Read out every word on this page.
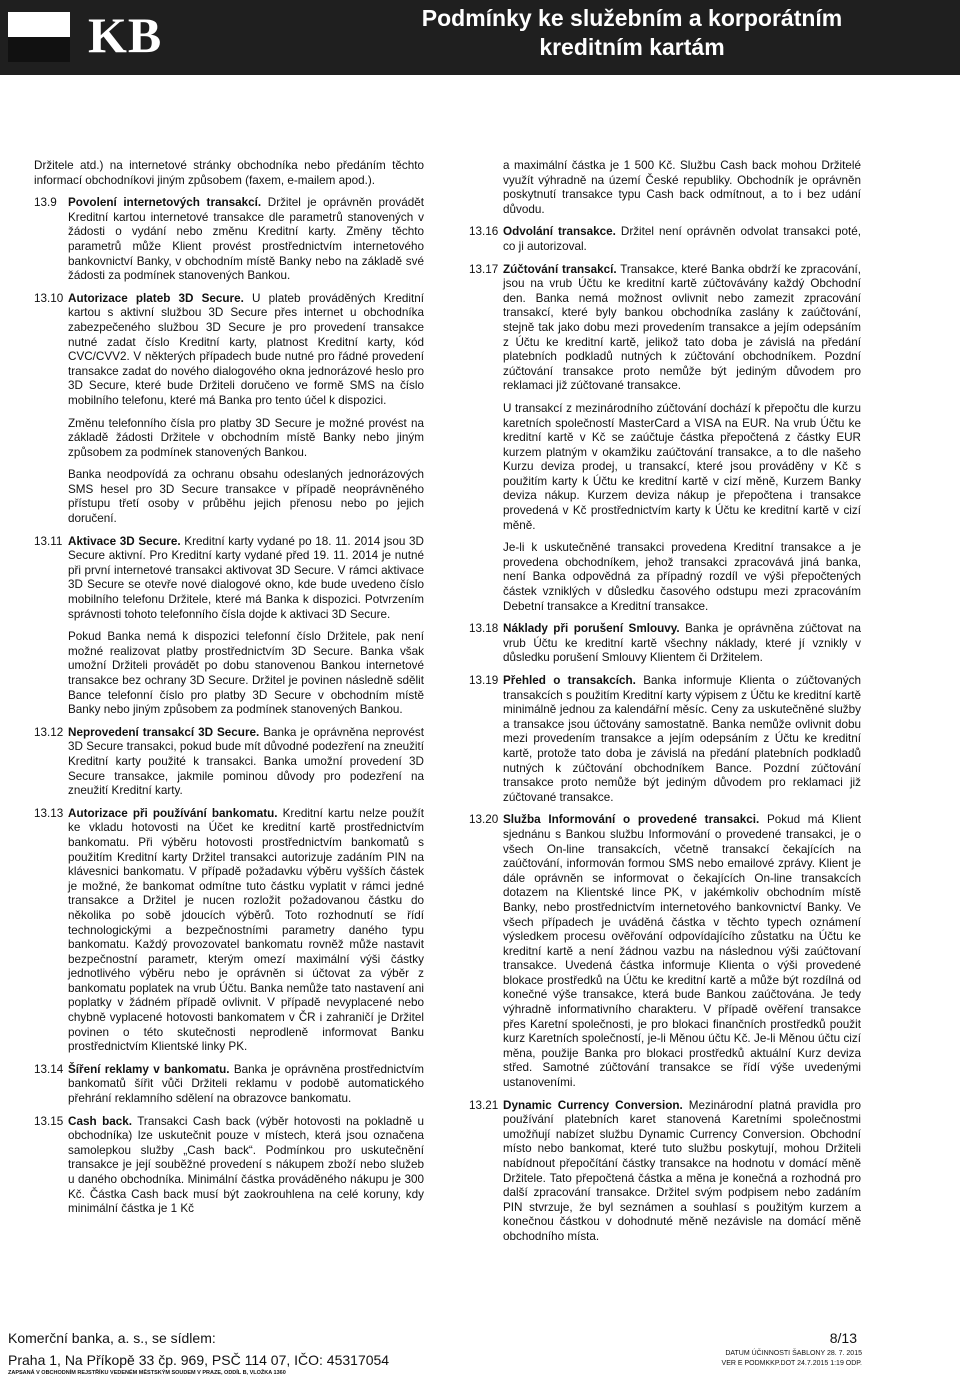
KB	Podmínky ke služebním a korporátním kreditním kartám

Držitele atd.) na internetové stránky obchodníka nebo předáním těchto informací obchodníkovi jiným způsobem (faxem, e-mailem apod.).

13.9 Povolení internetových transakcí. Držitel je oprávněn provádět Kreditní kartou internetové transakce dle parametrů stanovených v žádosti o vydání nebo změnu Kreditní karty. Změny těchto parametrů může Klient provést prostřednictvím internetového bankovnictví Banky, v obchodním místě Banky nebo na základě své žádosti za podmínek stanovených Bankou.
13.10 Autorizace plateb 3D Secure. U plateb prováděných Kreditní kartou s aktivní službou 3D Secure přes internet u obchodníka zabezpečeného službou 3D Secure je pro provedení transakce nutné zadat číslo Kreditní karty, platnost Kreditní karty, kód CVC/CVV2. V některých případech bude nutné pro řádné provedení transakce zadat do nového dialogového okna jednorázové heslo pro 3D Secure, které bude Držiteli doručeno ve formě SMS na číslo mobilního telefonu, které má Banka pro tento účel k dispozici.

Změnu telefonního čísla pro platby 3D Secure je možné provést na základě žádosti Držitele v obchodním místě Banky nebo jiným způsobem za podmínek stanovených Bankou.

Banka neodpovídá za ochranu obsahu odeslaných jednorázových SMS hesel pro 3D Secure transakce v případě neoprávněného přístupu třetí osoby v průběhu jejich přenosu nebo po jejich doručení.

13.11 Aktivace 3D Secure. Kreditní karty vydané po 18. 11. 2014 jsou 3D Secure aktivní. Pro Kreditní karty vydané před 19. 11. 2014 je nutné při první internetové transakci aktivovat 3D Secure. V rámci aktivace 3D Secure se otevře nové dialogové okno, kde bude uvedeno číslo mobilního telefonu Držitele, které má Banka k dispozici. Potvrzením správnosti tohoto telefonního čísla dojde k aktivaci 3D Secure.

Pokud Banka nemá k dispozici telefonní číslo Držitele, pak není možné realizovat platby prostřednictvím 3D Secure. Banka však umožní Držiteli provádět po dobu stanovenou Bankou internetové transakce bez ochrany 3D Secure. Držitel je povinen následně sdělit Bance telefonní číslo pro platby 3D Secure v obchodním místě Banky nebo jiným způsobem za podmínek stanovených Bankou.

13.12 Neprovedení transakcí 3D Secure. Banka je oprávněna neprovést 3D Secure transakci, pokud bude mít důvodné podezření na zneužití Kreditní karty použité k transakci. Banka umožní provedení 3D Secure transakce, jakmile pominou důvody pro podezření na zneužití Kreditní karty.
13.13 Autorizace při používání bankomatu. Kreditní kartu nelze použít ke vkladu hotovosti na Účet ke kreditní kartě prostřednictvím bankomatu. Při výběru hotovosti prostřednictvím bankomatů s použitím Kreditní karty Držitel transakci autorizuje zadáním PIN na klávesnici bankomatu. V případě požadavku výběru vyšších částek je možné, že bankomat odmítne tuto částku vyplatit v rámci jedné transakce a Držitel je nucen rozložit požadovanou částku do několika po sobě jdoucích výběrů. Toto rozhodnutí se řídí technologickými a bezpečnostními parametry daného typu bankomatu. Každý provozovatel bankomatu rovněž může nastavit bezpečnostní parametr, kterým omezí maximální výši částky jednotlivého výběru nebo je oprávněn si účtovat za výběr z bankomatu poplatek na vrub Účtu. Banka nemůže tato nastavení ani poplatky v žádném případě ovlivnit. V případě nevyplacené nebo chybně vyplacené hotovosti bankomatem v ČR i zahraničí je Držitel povinen o této skutečnosti neprodleně informovat Banku prostřednictvím Klientské linky PK.
13.14 Šíření reklamy v bankomatu. Banka je oprávněna prostřednictvím bankomatů šířit vůči Držiteli reklamu v podobě automatického přehrání reklamního sdělení na obrazovce bankomatu.
13.15 Cash back. Transakci Cash back (výběr hotovosti na pokladně u obchodníka) lze uskutečnit pouze v místech, která jsou označena samolepkou služby „Cash back“. Podmínkou pro uskutečnění transakce je její souběžné provedení s nákupem zboží nebo služeb u daného obchodníka. Minimální částka prováděného nákupu je 300 Kč. Částka Cash back musí být zaokrouhlena na celé koruny, kdy minimální částka je 1 Kč

a maximální částka je 1 500 Kč. Službu Cash back mohou Držitelé využít výhradně na území České republiky. Obchodník je oprávněn poskytnutí transakce typu Cash back odmítnout, a to i bez udání důvodu.

13.16 Odvolání transakce. Držitel není oprávněn odvolat transakci poté, co ji autorizoval.
13.17 Zúčtování transakcí. Transakce, které Banka obdrží ke zpracování, jsou na vrub Účtu ke kreditní kartě zúčtovávány každý Obchodní den. Banka nemá možnost ovlivnit nebo zamezit zpracování transakcí, které byly bankou obchodníka zaslány k zaúčtování, stejně tak jako dobu mezi provedením transakce a jejím odepsáním z Účtu ke kreditní kartě, jelikož tato doba je závislá na předání platebních podkladů nutných k zúčtování obchodníkem. Pozdní zúčtování transakce proto nemůže být jediným důvodem pro reklamaci již zúčtované transakce.

U transakcí z mezinárodního zúčtování dochází k přepočtu dle kurzu karetních společností MasterCard a VISA na EUR. Na vrub Účtu ke kreditní kartě v Kč se zaúčtuje částka přepočtená z částky EUR kurzem platným v okamžiku zaúčtování transakce, a to dle našeho Kurzu deviza prodej, u transakcí, které jsou prováděny v Kč s použitím karty k Účtu ke kreditní kartě v cizí měně, Kurzem Banky deviza nákup. Kurzem deviza nákup je přepočtena i transakce provedená v Kč prostřednictvím karty k Účtu ke kreditní kartě v cizí měně.

Je-li k uskutečněné transakci provedena Kreditní transakce a je provedena obchodníkem, jehož transakci zpracovává jiná banka, není Banka odpovědná za případný rozdíl ve výši přepočtených částek vzniklých v důsledku časového odstupu mezi zpracováním Debetní transakce a Kreditní transakce.

13.18 Náklady při porušení Smlouvy. Banka je oprávněna zúčtovat na vrub Účtu ke kreditní kartě všechny náklady, které jí vznikly v důsledku porušení Smlouvy Klientem či Držitelem.
13.19 Přehled o transakcích. Banka informuje Klienta o zúčtovaných transakcích s použitím Kreditní karty výpisem z Účtu ke kreditní kartě minimálně jednou za kalendářní měsíc. Ceny za uskutečněné služby a transakce jsou účtovány samostatně. Banka nemůže ovlivnit dobu mezi provedením transakce a jejím odepsáním z Účtu ke kreditní kartě, protože tato doba je závislá na předání platebních podkladů nutných k zúčtování obchodníkem Bance. Pozdní zúčtování transakce proto nemůže být jediným důvodem pro reklamaci již zúčtované transakce.
13.20 Služba Informování o provedené transakci. Pokud má Klient sjednánu s Bankou službu Informování o provedené transakci, je o všech On-line transakcích, včetně transakcí čekajících na zaúčtování, informován formou SMS nebo emailové zprávy. Klient je dále oprávněn se informovat o čekajících On-line transakcích dotazem na Klientské lince PK, v jakémkoliv obchodním místě Banky, nebo prostřednictvím internetového bankovnictví Banky. Ve všech případech je uváděná částka v těchto typech oznámení výsledkem procesu ověřování odpovídajícího zůstatku na Účtu ke kreditní kartě a není žádnou vazbu na následnou výši zaúčtovaní transakce. Uvedená částka informuje Klienta o výši provedené blokace prostředků na Účtu ke kreditní kartě a může být rozdílná od konečné výše transakce, která bude Bankou zaúčtována. Je tedy výhradně informativního charakteru. V případě ověření transakce přes Karetní společnosti, je pro blokaci finančních prostředků použit kurz Karetních společností, je-li Měnou účtu Kč. Je-li Měnou účtu cizí měna, použije Banka pro blokaci prostředků aktuální Kurz deviza střed. Samotné zúčtování transakce se řídí výše uvedenými ustanoveními.
13.21 Dynamic Currency Conversion. Mezinárodní platná pravidla pro používání platebních karet stanovená Karetními společnostmi umožňují nabízet službu Dynamic Currency Conversion. Obchodní místo nebo bankomat, které tuto službu poskytují, mohou Držiteli nabídnout přepočítání částky transakce na hodnotu v domácí měně Držitele. Tato přepočtená částka a měna je konečná a rozhodná pro další zpracování transakce. Držitel svým podpisem nebo zadáním PIN stvrzuje, že byl seznámen a souhlasí s použitým kurzem a konečnou částkou v dohodnuté měně nezávisle na domácí měně obchodního místa.
Komerční banka, a. s., se sídlem:
Praha 1, Na Příkopě 33 čp. 969, PSČ 114 07, IČO: 45317054
ZAPSANÁ V OBCHODNÍM REJSTŘÍKU VEDENÉM MĚSTSKÝM SOUDEM V PRAZE, ODDÍL B, VLOŽKA 1360
8/13
DATUM ÚČINNOSTI ŠABLONY 28. 7. 2015
VER E PODMKKP.DOT 24.7.2015 1:19 ODP.
